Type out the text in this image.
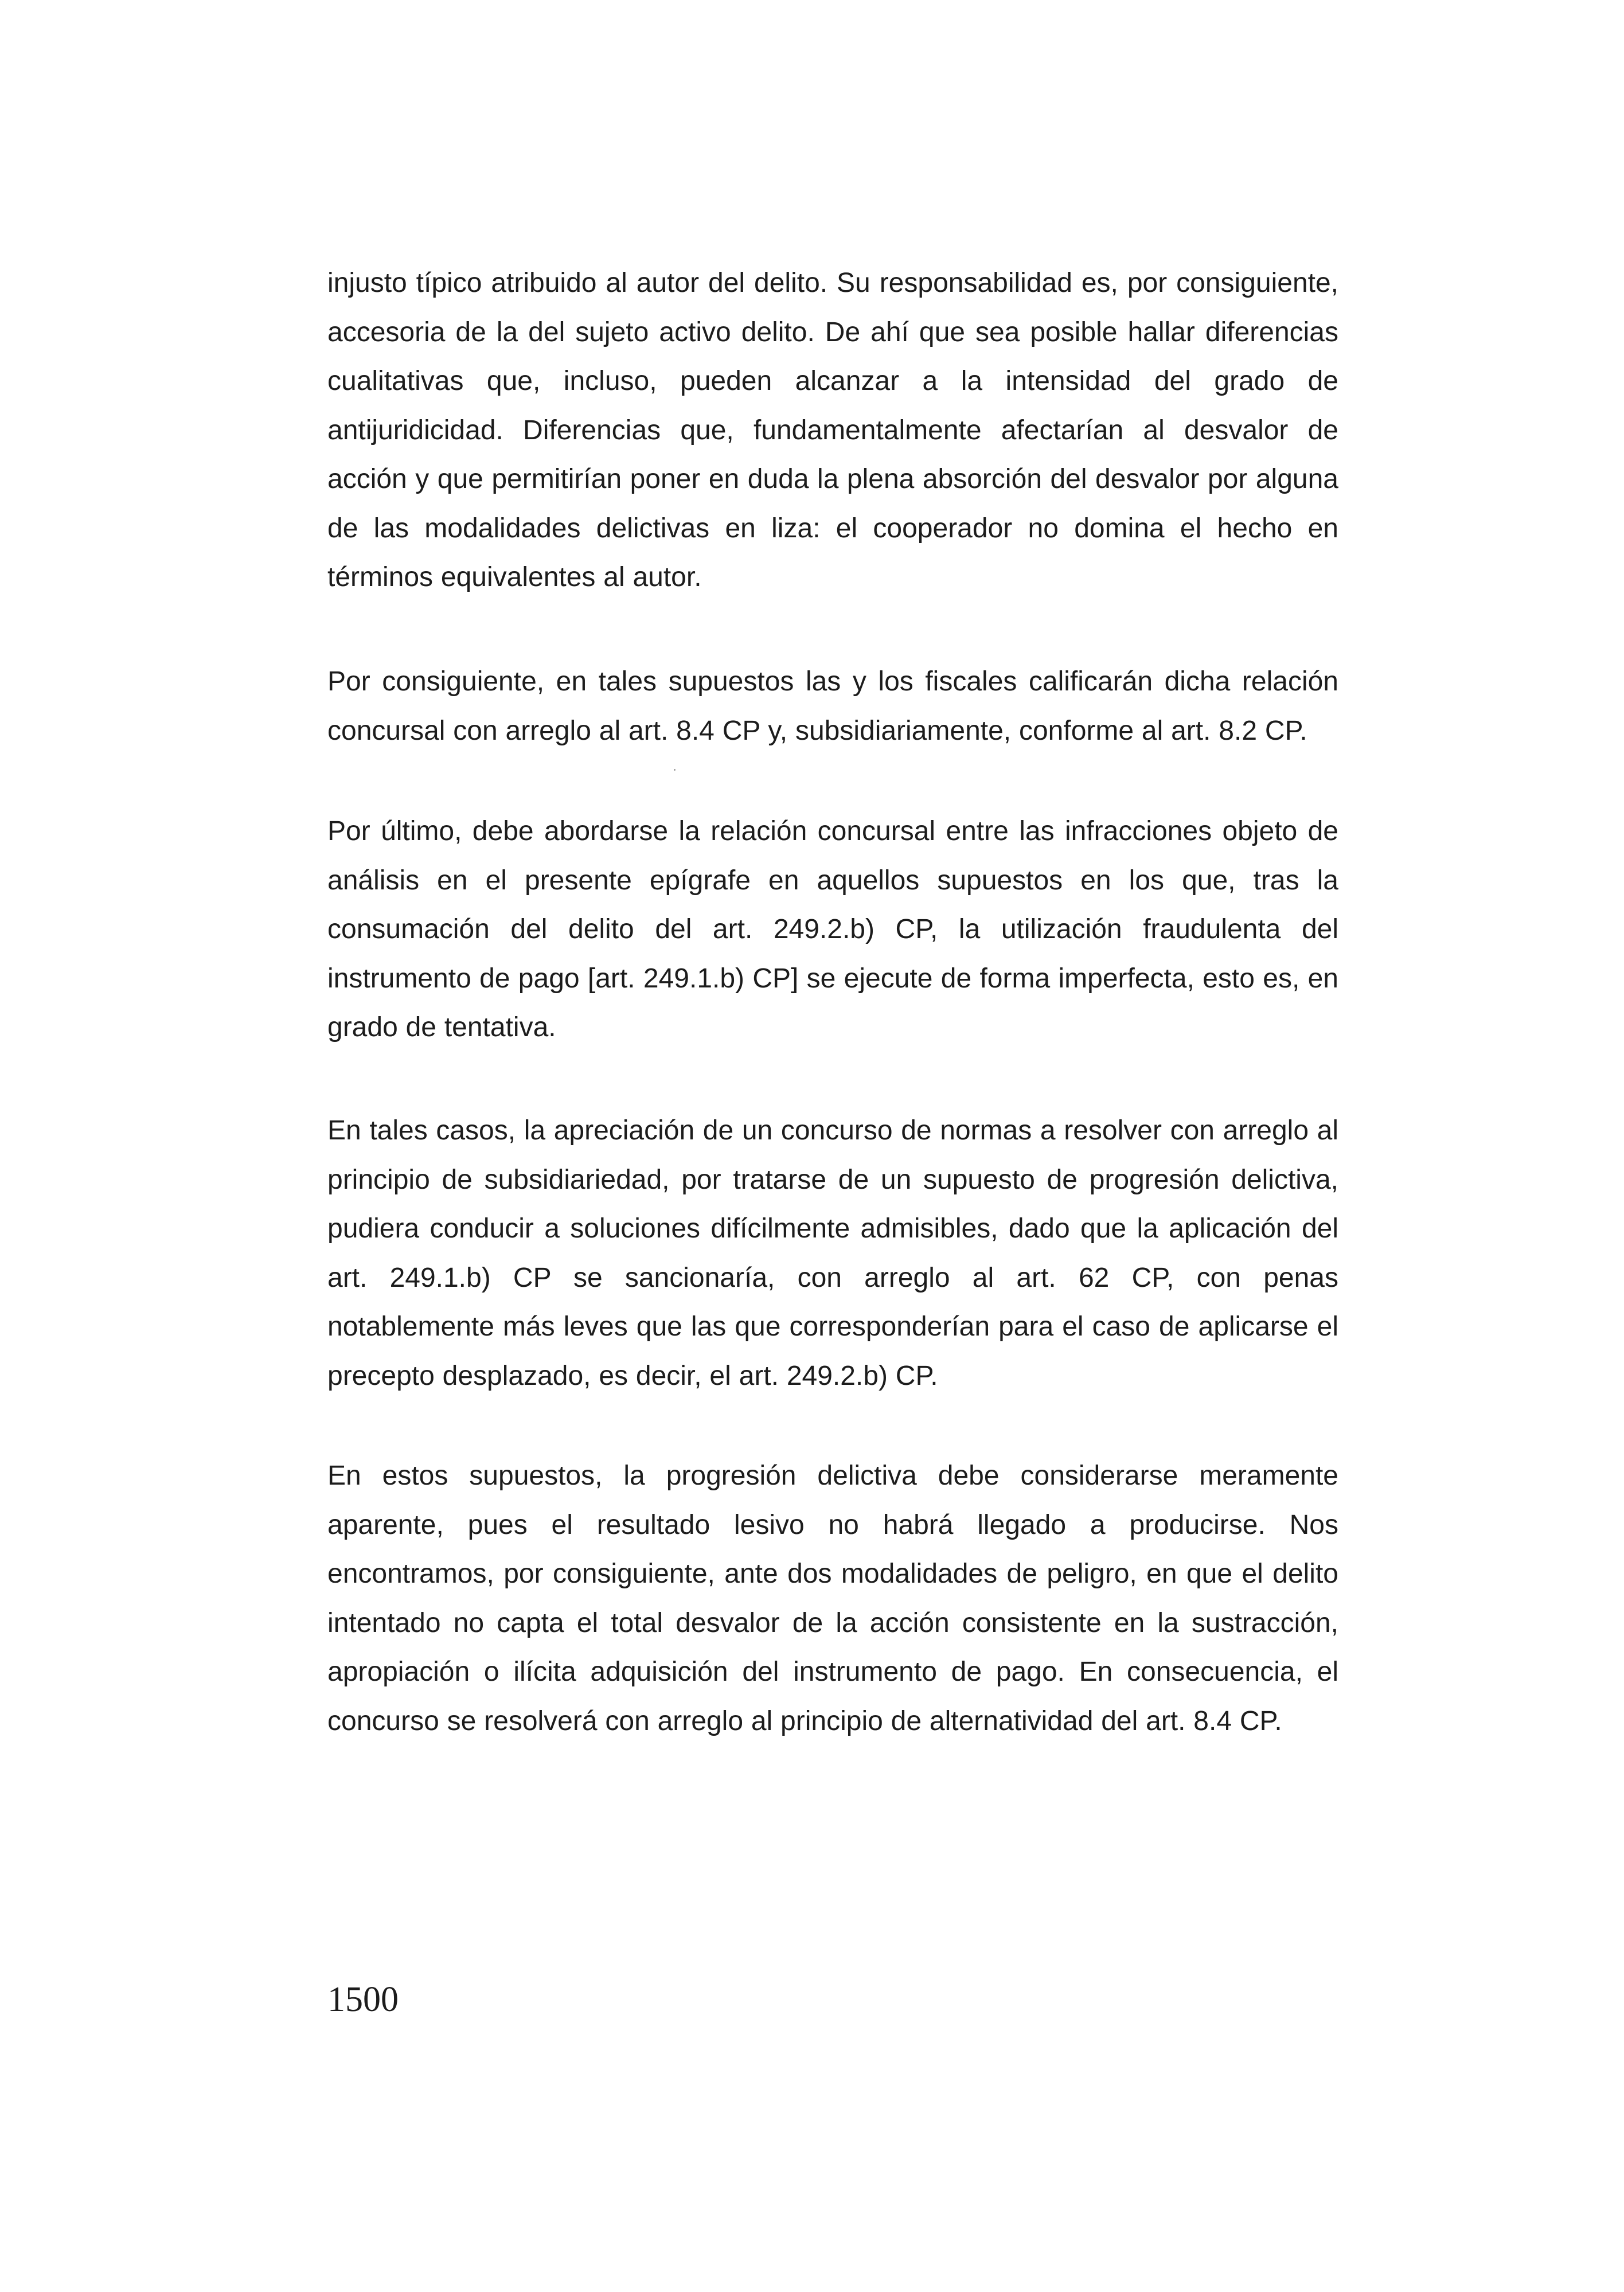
injusto típico atribuido al autor del delito. Su responsabilidad es, por consiguiente, accesoria de la del sujeto activo delito. De ahí que sea posible hallar diferencias cualitativas que, incluso, pueden alcanzar a la intensidad del grado de antijuridicidad. Diferencias que, fundamentalmente afectarían al desvalor de acción y que permitirían poner en duda la plena absorción del desvalor por alguna de las modalidades delictivas en liza: el cooperador no domina el hecho en términos equivalentes al autor.

Por consiguiente, en tales supuestos las y los fiscales calificarán dicha relación concursal con arreglo al art. 8.4 CP y, subsidiariamente, conforme al art. 8.2 CP.

Por último, debe abordarse la relación concursal entre las infracciones objeto de análisis en el presente epígrafe en aquellos supuestos en los que, tras la consumación del delito del art. 249.2.b) CP, la utilización fraudulenta del instrumento de pago [art. 249.1.b) CP] se ejecute de forma imperfecta, esto es, en grado de tentativa.

En tales casos, la apreciación de un concurso de normas a resolver con arreglo al principio de subsidiariedad, por tratarse de un supuesto de progresión delictiva, pudiera conducir a soluciones difícilmente admisibles, dado que la aplicación del art. 249.1.b) CP se sancionaría, con arreglo al art. 62 CP, con penas notablemente más leves que las que corresponderían para el caso de aplicarse el precepto desplazado, es decir, el art. 249.2.b) CP.

En estos supuestos, la progresión delictiva debe considerarse meramente aparente, pues el resultado lesivo no habrá llegado a producirse. Nos encontramos, por consiguiente, ante dos modalidades de peligro, en que el delito intentado no capta el total desvalor de la acción consistente en la sustracción, apropiación o ilícita adquisición del instrumento de pago. En consecuencia, el concurso se resolverá con arreglo al principio de alternatividad del art. 8.4 CP.

1500
